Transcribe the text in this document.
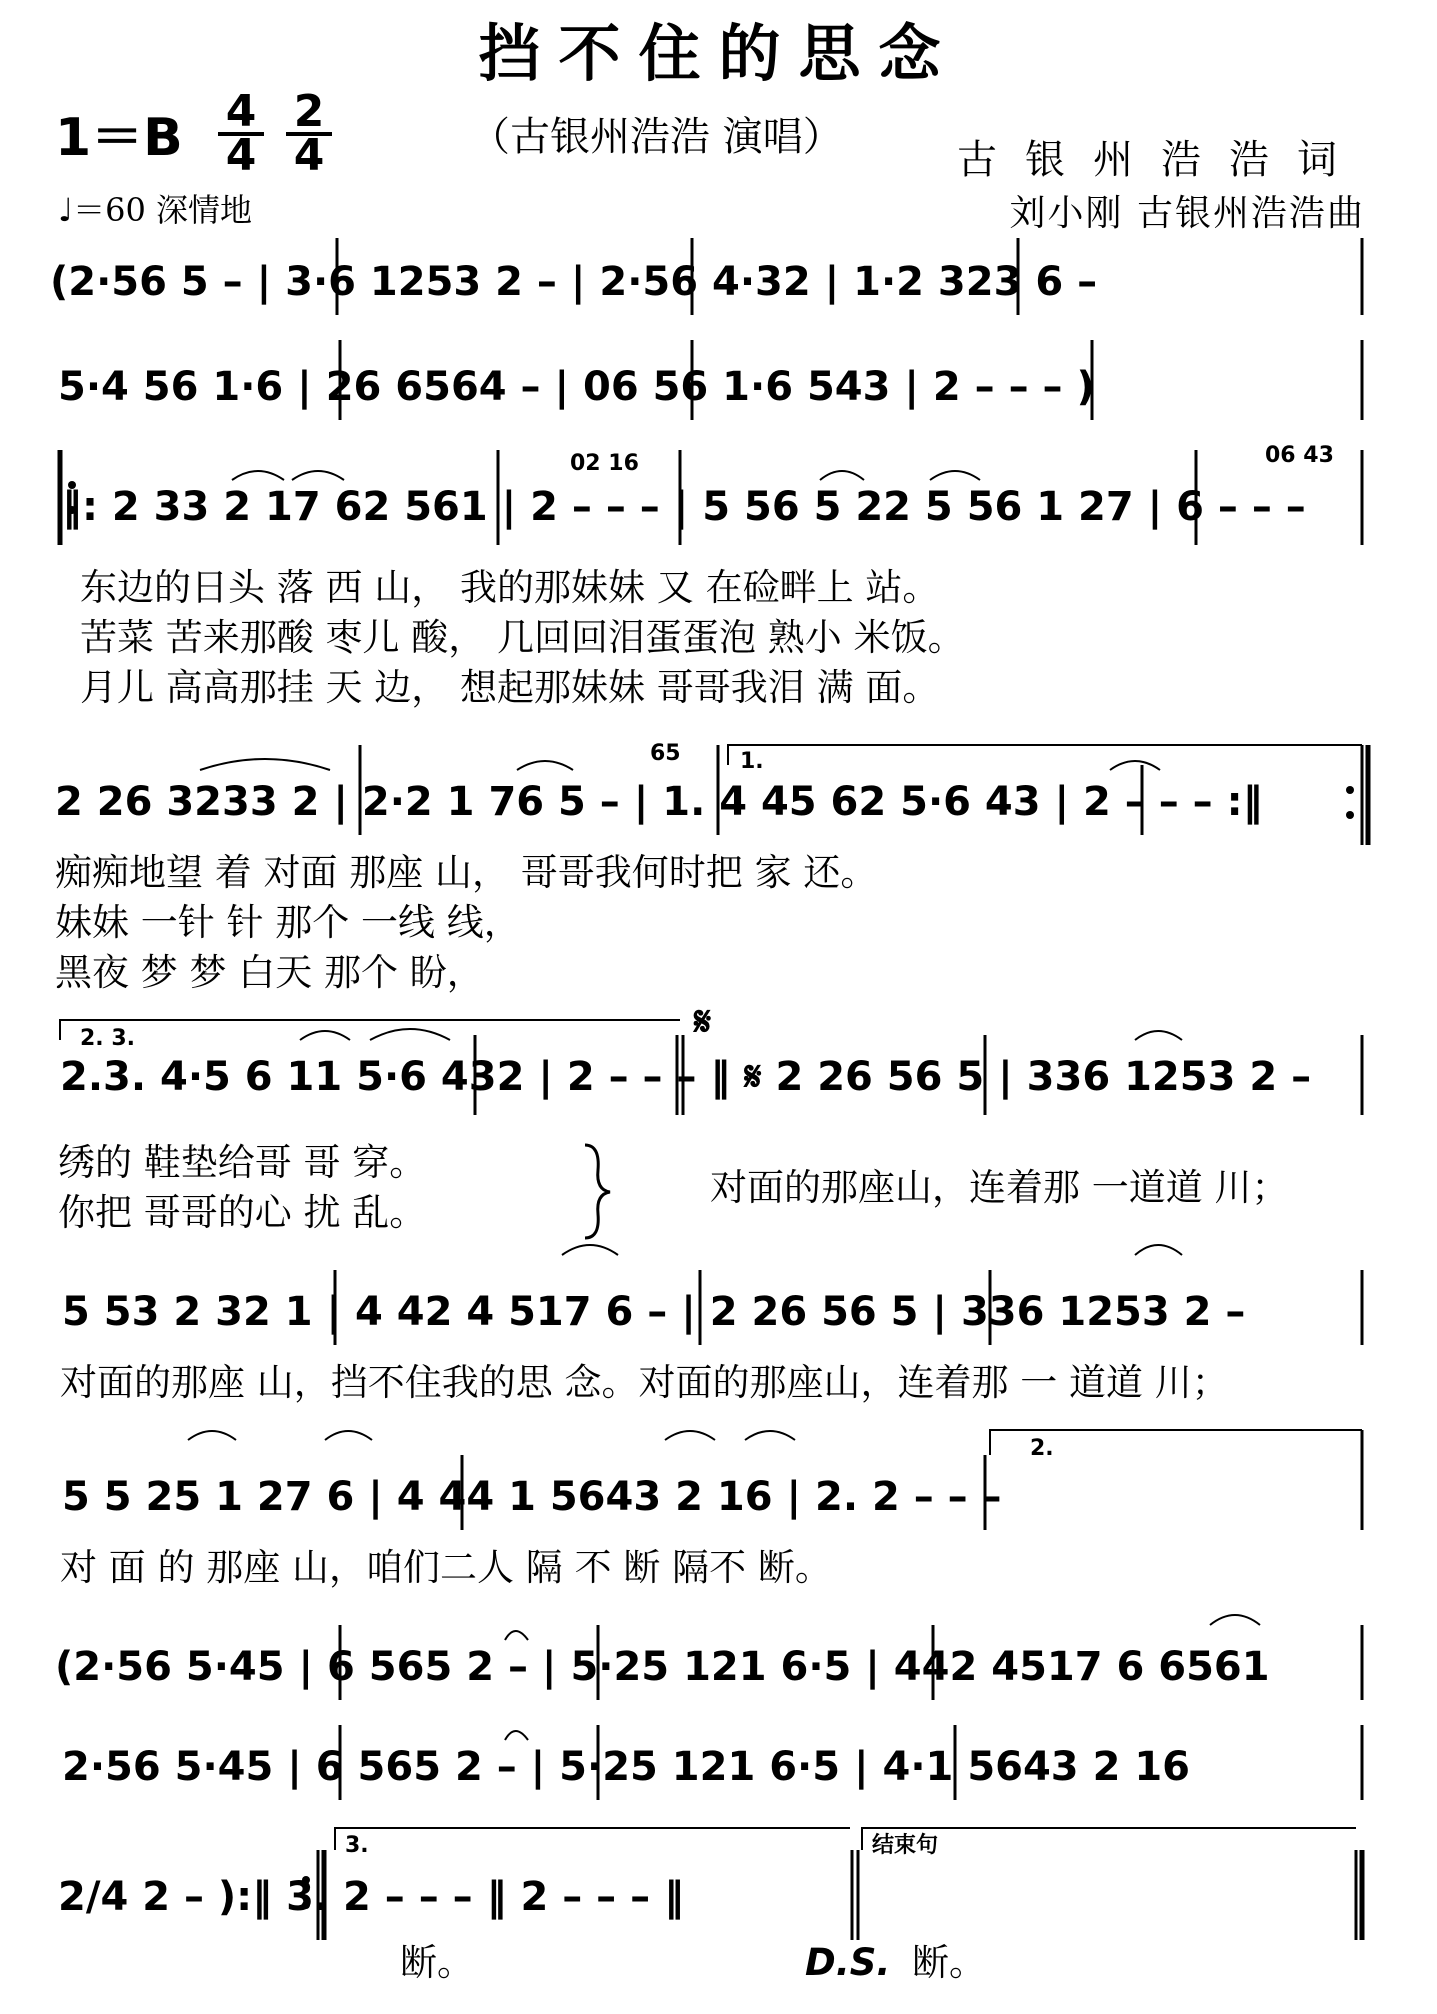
挡不住的思念
1＝B 4
4
2
4	（古银州浩浩 演唱）	古银州浩浩词
刘小刚 古银州浩浩曲
♩＝60 深情地
(2·56 5 – | 3·6 1253 2 – | 2·56 4·32 | 1·2 323 6 –
5·4 56 1·6 | 26 6564 – | 06 56 1·6 543 | 2 – – – )
‖: 2 33 2 17 62 561 | 2 – – – | 5 56 5 22 5 56 1 27 | 6 – – –
东边的日头 落 西 山， 我的那妹妹 又 在硷畔上 站。
苦菜 苦来那酸 枣儿 酸， 几回回泪蛋蛋泡 熟小 米饭。
月儿 高高那挂 天 边， 想起那妹妹 哥哥我泪 满 面。
2 26 3233 2 | 2·2 1 76 5 – | 1. 4 45 62 5·6 43 | 2 – – – :‖
痴痴地望 着 对面 那座 山， 哥哥我何时把 家 还。
妹妹 一针 针 那个 一线 线，
黑夜 梦 梦 白天 那个 盼，
2.3. 4·5 6 11 5·6 432 | 2 – – – ‖ 𝄋 2 26 56 5 | 336 1253 2 –
绣的 鞋垫给哥 哥 穿。
你把 哥哥的心 扰 乱。
对面的那座山，连着那 一道道 川；
5 53 2 32 1 | 4 42 4 517 6 – | 2 26 56 5 | 336 1253 2 –
对面的那座 山，挡不住我的思 念。对面的那座山，连着那 一 道道 川；
5 5 25 1 27 6 | 4 44 1 5643 2 16 | 2. 2 – – –
对 面 的 那座 山，咱们二人 隔 不 断 隔不 断。
(2·56 5·45 | 6 565 2 – | 5·25 121 6·5 | 442 4517 6 6561
2·56 5·45 | 6 565 2 – | 5·25 121 6·5 | 4·1 5643 2 16
2/4 2 – ):‖ 3. 2 – – – ‖ 2 – – – ‖
断。	D.S. 断。
1.
2. 3.
2.
3.	结束句
𝄋
02 16	06 43
65
